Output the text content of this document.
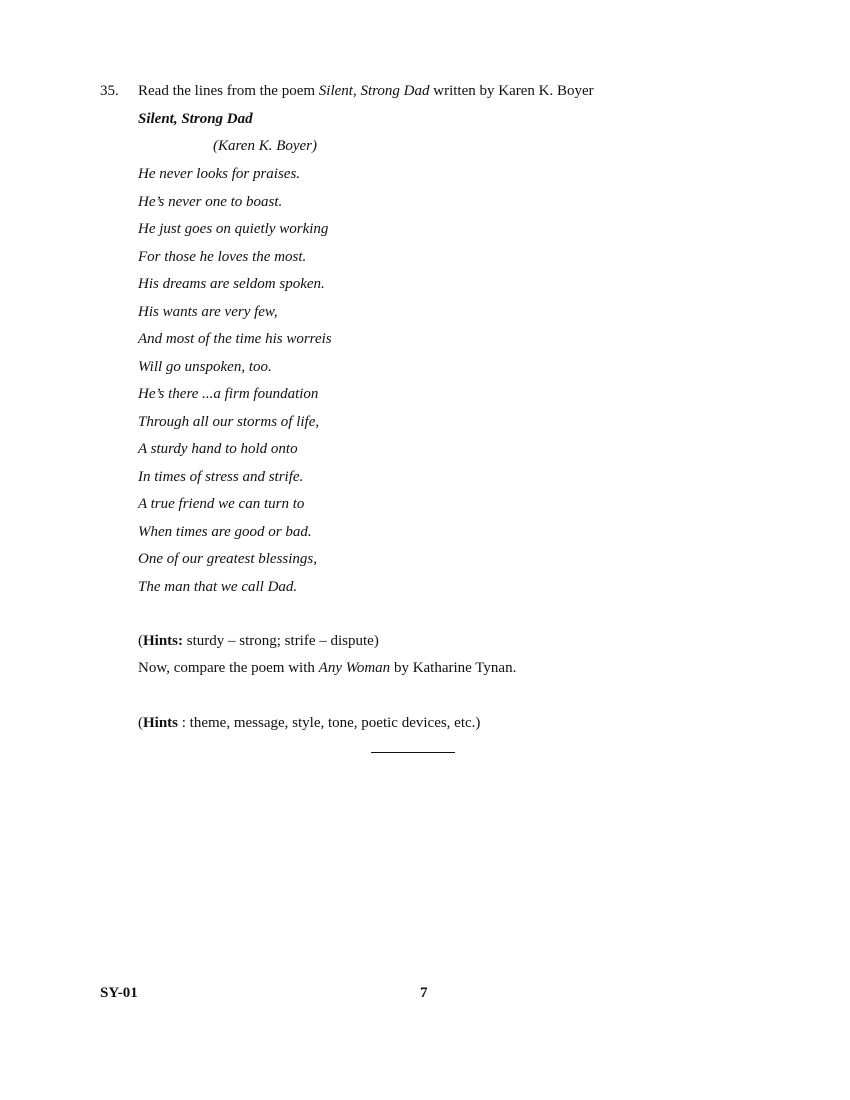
35. Read the lines from the poem Silent, Strong Dad written by Karen K. Boyer
Silent, Strong Dad
(Karen K. Boyer)
He never looks for praises.
He’s never one to boast.
He just goes on quietly working
For those he loves the most.
His dreams are seldom spoken.
His wants are very few,
And most of the time his worreis
Will go unspoken, too.
He’s there ...a firm foundation
Through all our storms of life,
A sturdy hand to hold onto
In times of stress and strife.
A true friend we can turn to
When times are good or bad.
One of our greatest blessings,
The man that we call Dad.
(Hints: sturdy – strong; strife – dispute)
Now, compare the poem with Any Woman by Katharine Tynan.
(Hints : theme, message, style, tone, poetic devices, etc.)
SY-01	7
